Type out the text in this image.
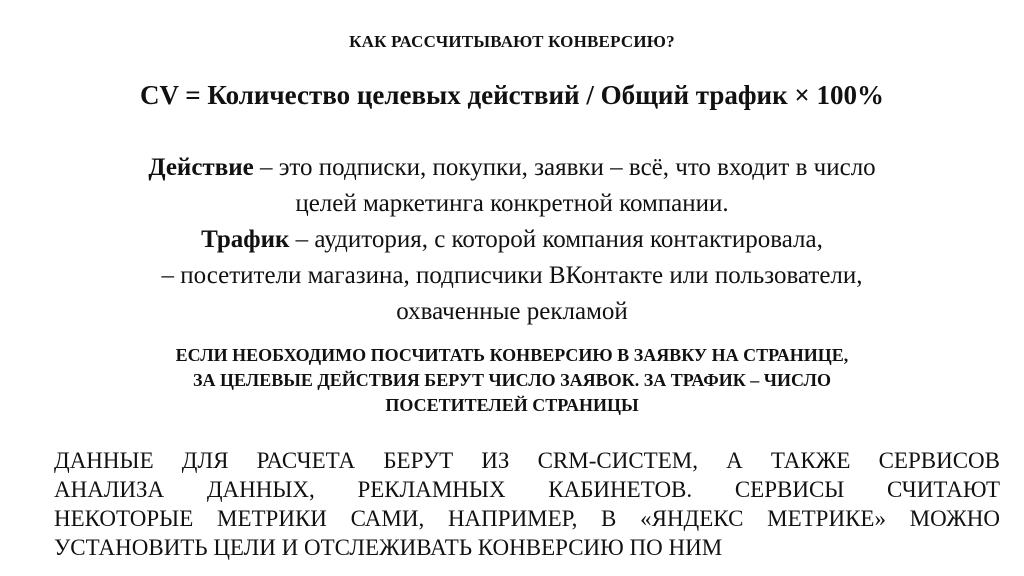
КАК РАССЧИТЫВАЮТ КОНВЕРСИЮ?
CV = Количество целевых действий / Общий трафик × 100%

Действие – это подписки, покупки, заявки – всё, что входит в число

целей маркетинга конкретной компании.

Трафик – аудитория, с которой компания контактировала,

– посетители магазина, подписчики ВКонтакте или пользователи,

охваченные рекламой

ЕСЛИ НЕОБХОДИМО ПОСЧИТАТЬ КОНВЕРСИЮ В ЗАЯВКУ НА СТРАНИЦЕ,

ЗА ЦЕЛЕВЫЕ ДЕЙСТВИЯ БЕРУТ ЧИСЛО ЗАЯВОК. ЗА ТРАФИК – ЧИСЛО

ПОСЕТИТЕЛЕЙ СТРАНИЦЫ

ДАННЫЕ ДЛЯ РАСЧЕТА БЕРУТ ИЗ CRM-СИСТЕМ, А ТАКЖЕ СЕРВИСОВ

АНАЛИЗА ДАННЫХ, РЕКЛАМНЫХ КАБИНЕТОВ. СЕРВИСЫ СЧИТАЮТ

НЕКОТОРЫЕ МЕТРИКИ САМИ, НАПРИМЕР, В «ЯНДЕКС МЕТРИКЕ» МОЖНО

УСТАНОВИТЬ ЦЕЛИ И ОТСЛЕЖИВАТЬ КОНВЕРСИЮ ПО НИМ
